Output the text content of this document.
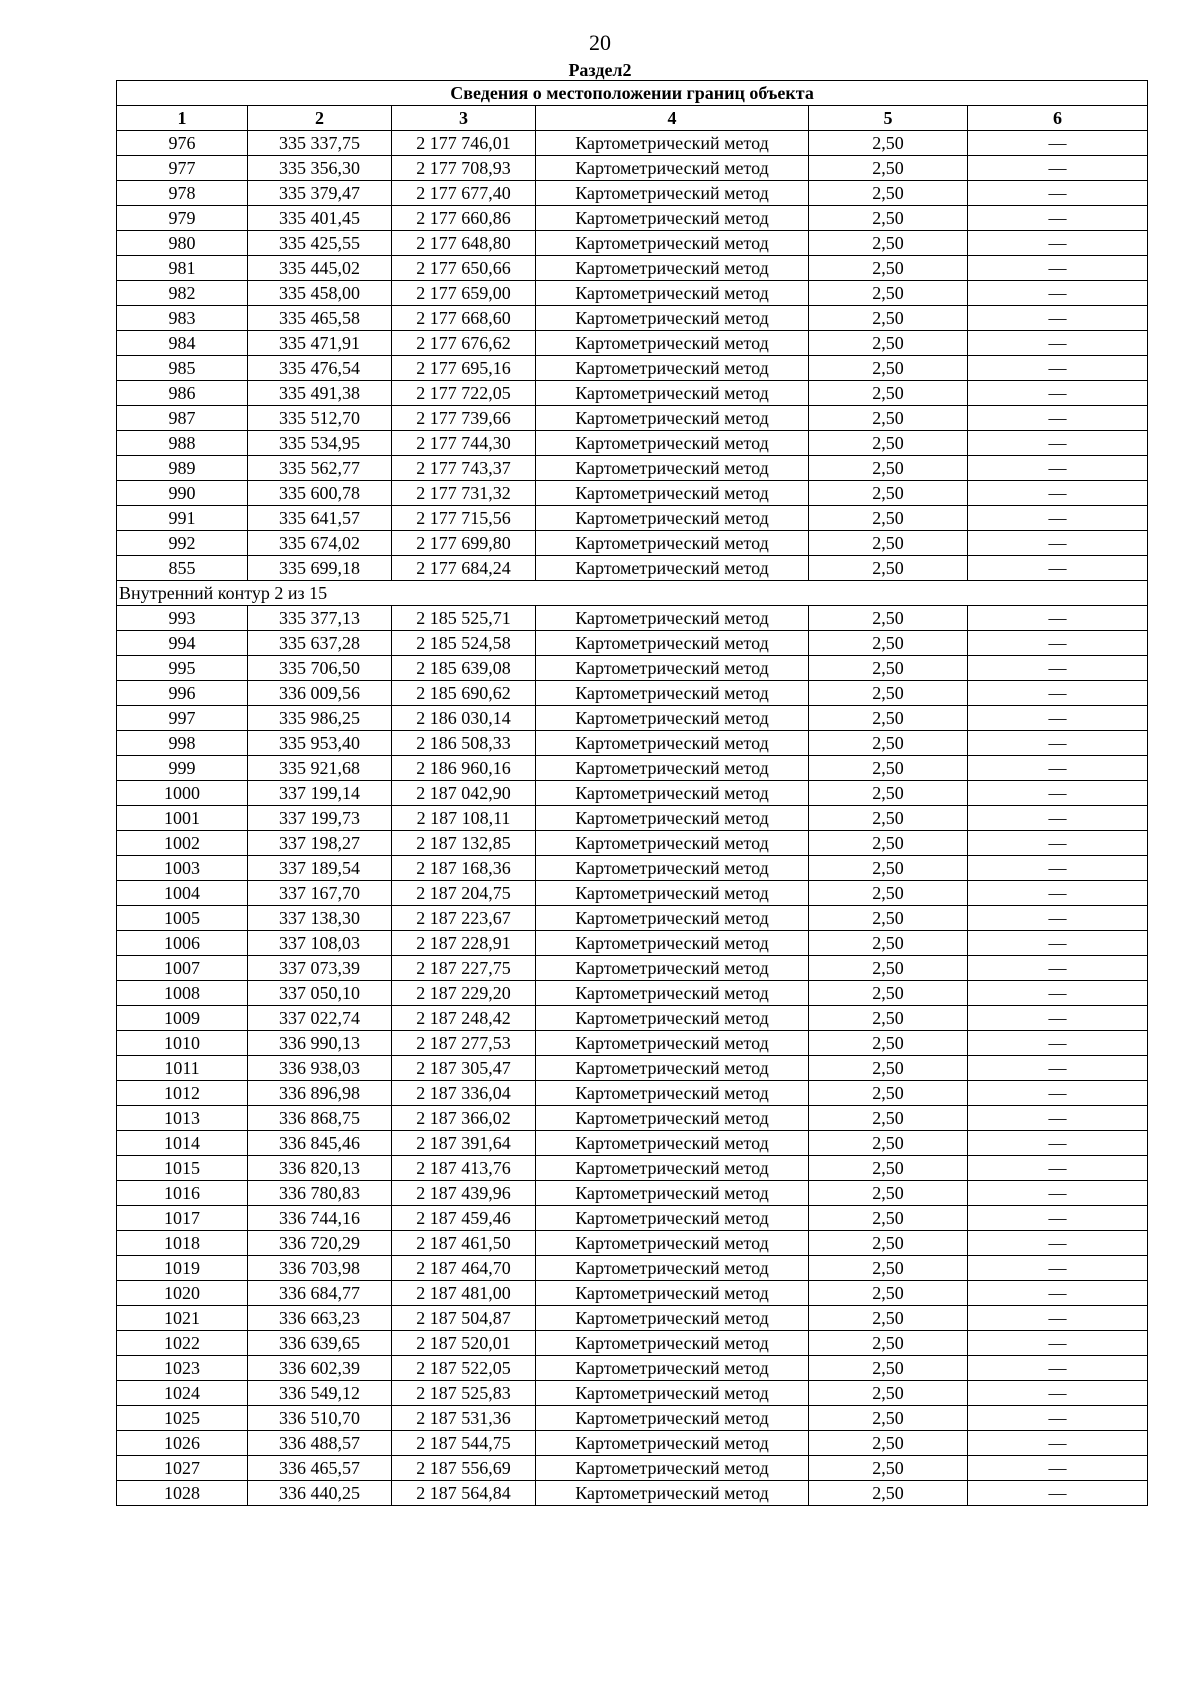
20
Раздел2
Сведения о местоположении границ объекта					
1	2	3	4	5	6
976	335 337,75	2 177 746,01	Картометрический метод	2,50	—
977	335 356,30	2 177 708,93	Картометрический метод	2,50	—
978	335 379,47	2 177 677,40	Картометрический метод	2,50	—
979	335 401,45	2 177 660,86	Картометрический метод	2,50	—
980	335 425,55	2 177 648,80	Картометрический метод	2,50	—
981	335 445,02	2 177 650,66	Картометрический метод	2,50	—
982	335 458,00	2 177 659,00	Картометрический метод	2,50	—
983	335 465,58	2 177 668,60	Картометрический метод	2,50	—
984	335 471,91	2 177 676,62	Картометрический метод	2,50	—
985	335 476,54	2 177 695,16	Картометрический метод	2,50	—
986	335 491,38	2 177 722,05	Картометрический метод	2,50	—
987	335 512,70	2 177 739,66	Картометрический метод	2,50	—
988	335 534,95	2 177 744,30	Картометрический метод	2,50	—
989	335 562,77	2 177 743,37	Картометрический метод	2,50	—
990	335 600,78	2 177 731,32	Картометрический метод	2,50	—
991	335 641,57	2 177 715,56	Картометрический метод	2,50	—
992	335 674,02	2 177 699,80	Картометрический метод	2,50	—
855	335 699,18	2 177 684,24	Картометрический метод	2,50	—
Внутренний контур 2 из 15					
993	335 377,13	2 185 525,71	Картометрический метод	2,50	—
994	335 637,28	2 185 524,58	Картометрический метод	2,50	—
995	335 706,50	2 185 639,08	Картометрический метод	2,50	—
996	336 009,56	2 185 690,62	Картометрический метод	2,50	—
997	335 986,25	2 186 030,14	Картометрический метод	2,50	—
998	335 953,40	2 186 508,33	Картометрический метод	2,50	—
999	335 921,68	2 186 960,16	Картометрический метод	2,50	—
1000	337 199,14	2 187 042,90	Картометрический метод	2,50	—
1001	337 199,73	2 187 108,11	Картометрический метод	2,50	—
1002	337 198,27	2 187 132,85	Картометрический метод	2,50	—
1003	337 189,54	2 187 168,36	Картометрический метод	2,50	—
1004	337 167,70	2 187 204,75	Картометрический метод	2,50	—
1005	337 138,30	2 187 223,67	Картометрический метод	2,50	—
1006	337 108,03	2 187 228,91	Картометрический метод	2,50	—
1007	337 073,39	2 187 227,75	Картометрический метод	2,50	—
1008	337 050,10	2 187 229,20	Картометрический метод	2,50	—
1009	337 022,74	2 187 248,42	Картометрический метод	2,50	—
1010	336 990,13	2 187 277,53	Картометрический метод	2,50	—
1011	336 938,03	2 187 305,47	Картометрический метод	2,50	—
1012	336 896,98	2 187 336,04	Картометрический метод	2,50	—
1013	336 868,75	2 187 366,02	Картометрический метод	2,50	—
1014	336 845,46	2 187 391,64	Картометрический метод	2,50	—
1015	336 820,13	2 187 413,76	Картометрический метод	2,50	—
1016	336 780,83	2 187 439,96	Картометрический метод	2,50	—
1017	336 744,16	2 187 459,46	Картометрический метод	2,50	—
1018	336 720,29	2 187 461,50	Картометрический метод	2,50	—
1019	336 703,98	2 187 464,70	Картометрический метод	2,50	—
1020	336 684,77	2 187 481,00	Картометрический метод	2,50	—
1021	336 663,23	2 187 504,87	Картометрический метод	2,50	—
1022	336 639,65	2 187 520,01	Картометрический метод	2,50	—
1023	336 602,39	2 187 522,05	Картометрический метод	2,50	—
1024	336 549,12	2 187 525,83	Картометрический метод	2,50	—
1025	336 510,70	2 187 531,36	Картометрический метод	2,50	—
1026	336 488,57	2 187 544,75	Картометрический метод	2,50	—
1027	336 465,57	2 187 556,69	Картометрический метод	2,50	—
1028	336 440,25	2 187 564,84	Картометрический метод	2,50	—
